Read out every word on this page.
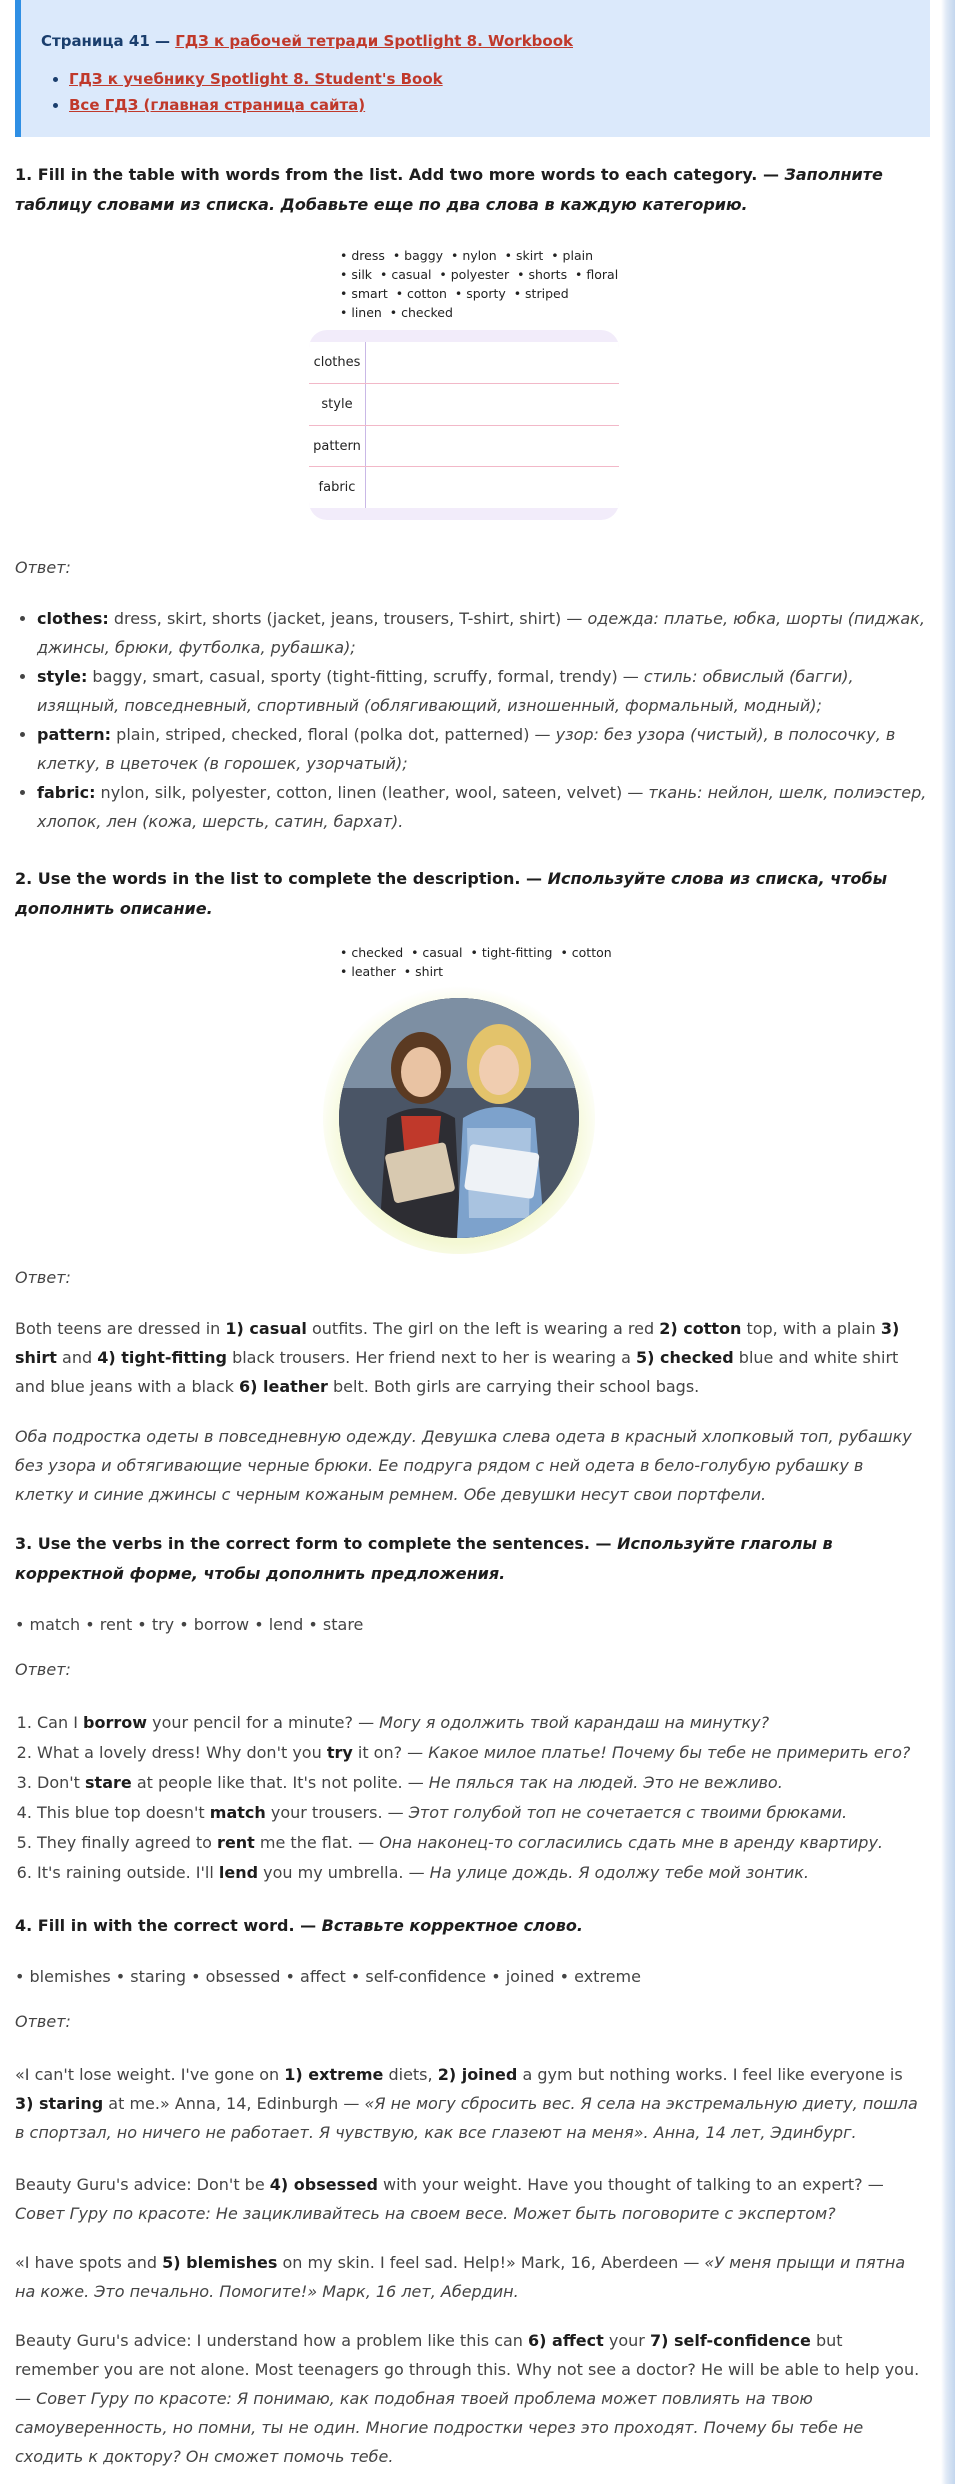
Страница 41 — ГДЗ к рабочей тетради Spotlight 8. Workbook
• ГДЗ к учебнику Spotlight 8. Student's Book
• Все ГДЗ (главная страница сайта)

1. Fill in the table with words from the list. Add two more words to each category. — Заполните таблицу словами из списка. Добавьте еще по два слова в каждую категорию.

• dress  • baggy  • nylon  • skirt  • plain
• silk  • casual  • polyester  • shorts  • floral
• smart  • cotton  • sporty  • striped
• linen  • checked
clothes
style
pattern
fabric
Ответ:
• clothes: dress, skirt, shorts (jacket, jeans, trousers, T-shirt, shirt) — одежда: платье, юбка, шорты (пиджак, джинсы, брюки, футболка, рубашка);
• style: baggy, smart, casual, sporty (tight-fitting, scruffy, formal, trendy) — стиль: обвислый (багги), изящный, повседневный, спортивный (облягивающий, изношенный, формальный, модный);
• pattern: plain, striped, checked, floral (polka dot, patterned) — узор: без узора (чистый), в полосочку, в клетку, в цветочек (в горошек, узорчатый);
• fabric: nylon, silk, polyester, cotton, linen (leather, wool, sateen, velvet) — ткань: нейлон, шелк, полиэстер, хлопок, лен (кожа, шерсть, сатин, бархат).

2. Use the words in the list to complete the description. — Используйте слова из списка, чтобы дополнить описание.

• checked  • casual  • tight-fitting  • cotton
• leather  • shirt
Ответ:

Both teens are dressed in 1) casual outfits. The girl on the left is wearing a red 2) cotton top, with a plain 3) shirt and 4) tight-fitting black trousers. Her friend next to her is wearing a 5) checked blue and white shirt and blue jeans with a black 6) leather belt. Both girls are carrying their school bags.

Оба подростка одеты в повседневную одежду. Девушка слева одета в красный хлопковый топ, рубашку без узора и обтягивающие черные брюки. Ее подруга рядом с ней одета в бело-голубую рубашку в клетку и синие джинсы с черным кожаным ремнем. Обе девушки несут свои портфели.

3. Use the verbs in the correct form to complete the sentences. — Используйте глаголы в корректной форме, чтобы дополнить предложения.

• match • rent • try • borrow • lend • stare

Ответ:
1. Can I borrow your pencil for a minute? — Могу я одолжить твой карандаш на минутку?
2. What a lovely dress! Why don't you try it on? — Какое милое платье! Почему бы тебе не примерить его?
3. Don't stare at people like that. It's not polite. — Не пялься так на людей. Это не вежливо.
4. This blue top doesn't match your trousers. — Этот голубой топ не сочетается с твоими брюками.
5. They finally agreed to rent me the flat. — Она наконец-то согласились сдать мне в аренду квартиру.
6. It's raining outside. I'll lend you my umbrella. — На улице дождь. Я одолжу тебе мой зонтик.

4. Fill in with the correct word. — Вставьте корректное слово.

• blemishes • staring • obsessed • affect • self-confidence • joined • extreme

Ответ:

«I can't lose weight. I've gone on 1) extreme diets, 2) joined a gym but nothing works. I feel like everyone is 3) staring at me.» Anna, 14, Edinburgh — «Я не могу сбросить вес. Я села на экстремальную диету, пошла в спортзал, но ничего не работает. Я чувствую, как все глазеют на меня». Анна, 14 лет, Эдинбург.

Beauty Guru's advice: Don't be 4) obsessed with your weight. Have you thought of talking to an expert? — Совет Гуру по красоте: Не зацикливайтесь на своем весе. Может быть поговорите с экспертом?

«I have spots and 5) blemishes on my skin. I feel sad. Help!» Mark, 16, Aberdeen — «У меня прыщи и пятна на коже. Это печально. Помогите!» Марк, 16 лет, Абердин.

Beauty Guru's advice: I understand how a problem like this can 6) affect your 7) self-confidence but remember you are not alone. Most teenagers go through this. Why not see a doctor? He will be able to help you. — Совет Гуру по красоте: Я понимаю, как подобная твоей проблема может повлиять на твою самоуверенность, но помни, ты не один. Многие подростки через это проходят. Почему бы тебе не сходить к доктору? Он сможет помочь тебе.
